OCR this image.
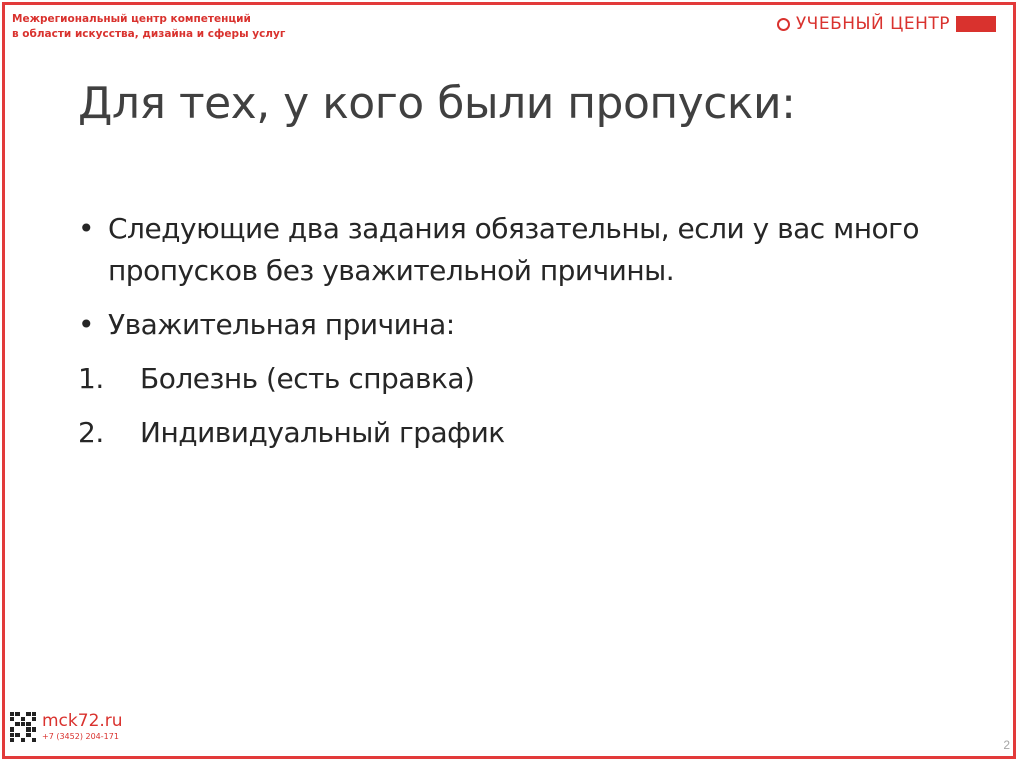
Межрегиональный центр компетенций
в области искусства, дизайна и сферы услуг	УЧЕБНЫЙ ЦЕНТР
Для тех, у кого были пропуски:
• Следующие два задания обязательны, если у вас много пропусков без уважительной причины.
• Уважительная причина:
1. Болезнь (есть справка)
2. Индивидуальный график
mck72.ru
+7 (3452) 204-171
2
